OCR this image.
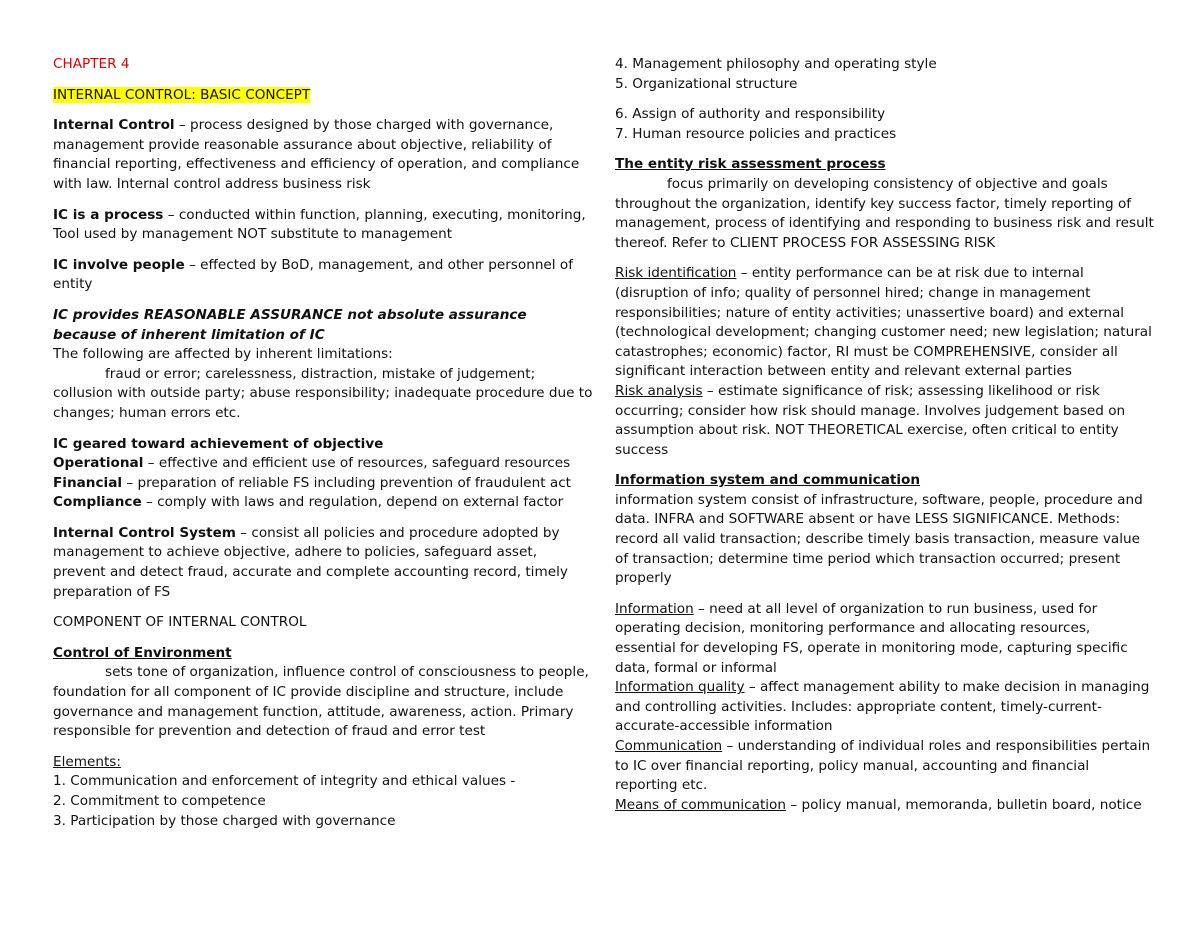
CHAPTER 4

INTERNAL CONTROL: BASIC CONCEPT

Internal Control – process designed by those charged with governance, management provide reasonable assurance about objective, reliability of financial reporting, effectiveness and efficiency of operation, and compliance with law. Internal control address business risk

IC is a process – conducted within function, planning, executing, monitoring, Tool used by management NOT substitute to management

IC involve people – effected by BoD, management, and other personnel of entity

IC provides REASONABLE ASSURANCE not absolute assurance because of inherent limitation of IC

The following are affected by inherent limitations:

fraud or error; carelessness, distraction, mistake of judgement; collusion with outside party; abuse responsibility; inadequate procedure due to changes; human errors etc.

IC geared toward achievement of objective

Operational – effective and efficient use of resources, safeguard resources

Financial – preparation of reliable FS including prevention of fraudulent act

Compliance – comply with laws and regulation, depend on external factor

Internal Control System – consist all policies and procedure adopted by management to achieve objective, adhere to policies, safeguard asset, prevent and detect fraud, accurate and complete accounting record, timely preparation of FS

COMPONENT OF INTERNAL CONTROL

Control of Environment

sets tone of organization, influence control of consciousness to people, foundation for all component of IC provide discipline and structure, include governance and management function, attitude, awareness, action. Primary responsible for prevention and detection of fraud and error test

Elements:

1. Communication and enforcement of integrity and ethical values -

2. Commitment to competence

3. Participation by those charged with governance

4. Management philosophy and operating style

5. Organizational structure

6. Assign of authority and responsibility

7. Human resource policies and practices

The entity risk assessment process

focus primarily on developing consistency of objective and goals throughout the organization, identify key success factor, timely reporting of management, process of identifying and responding to business risk and result thereof. Refer to CLIENT PROCESS FOR ASSESSING RISK

Risk identification – entity performance can be at risk due to internal (disruption of info; quality of personnel hired; change in management responsibilities; nature of entity activities; unassertive board) and external (technological development; changing customer need; new legislation; natural catastrophes; economic) factor, RI must be COMPREHENSIVE, consider all significant interaction between entity and relevant external parties

Risk analysis – estimate significance of risk; assessing likelihood or risk occurring; consider how risk should manage. Involves judgement based on assumption about risk. NOT THEORETICAL exercise, often critical to entity success

Information system and communication

information system consist of infrastructure, software, people, procedure and data. INFRA and SOFTWARE absent or have LESS SIGNIFICANCE. Methods: record all valid transaction; describe timely basis transaction, measure value of transaction; determine time period which transaction occurred; present properly

Information – need at all level of organization to run business, used for operating decision, monitoring performance and allocating resources, essential for developing FS, operate in monitoring mode, capturing specific data, formal or informal

Information quality – affect management ability to make decision in managing and controlling activities. Includes: appropriate content, timely-current-accurate-accessible information

Communication – understanding of individual roles and responsibilities pertain to IC over financial reporting, policy manual, accounting and financial reporting etc.

Means of communication – policy manual, memoranda, bulletin board, notice
